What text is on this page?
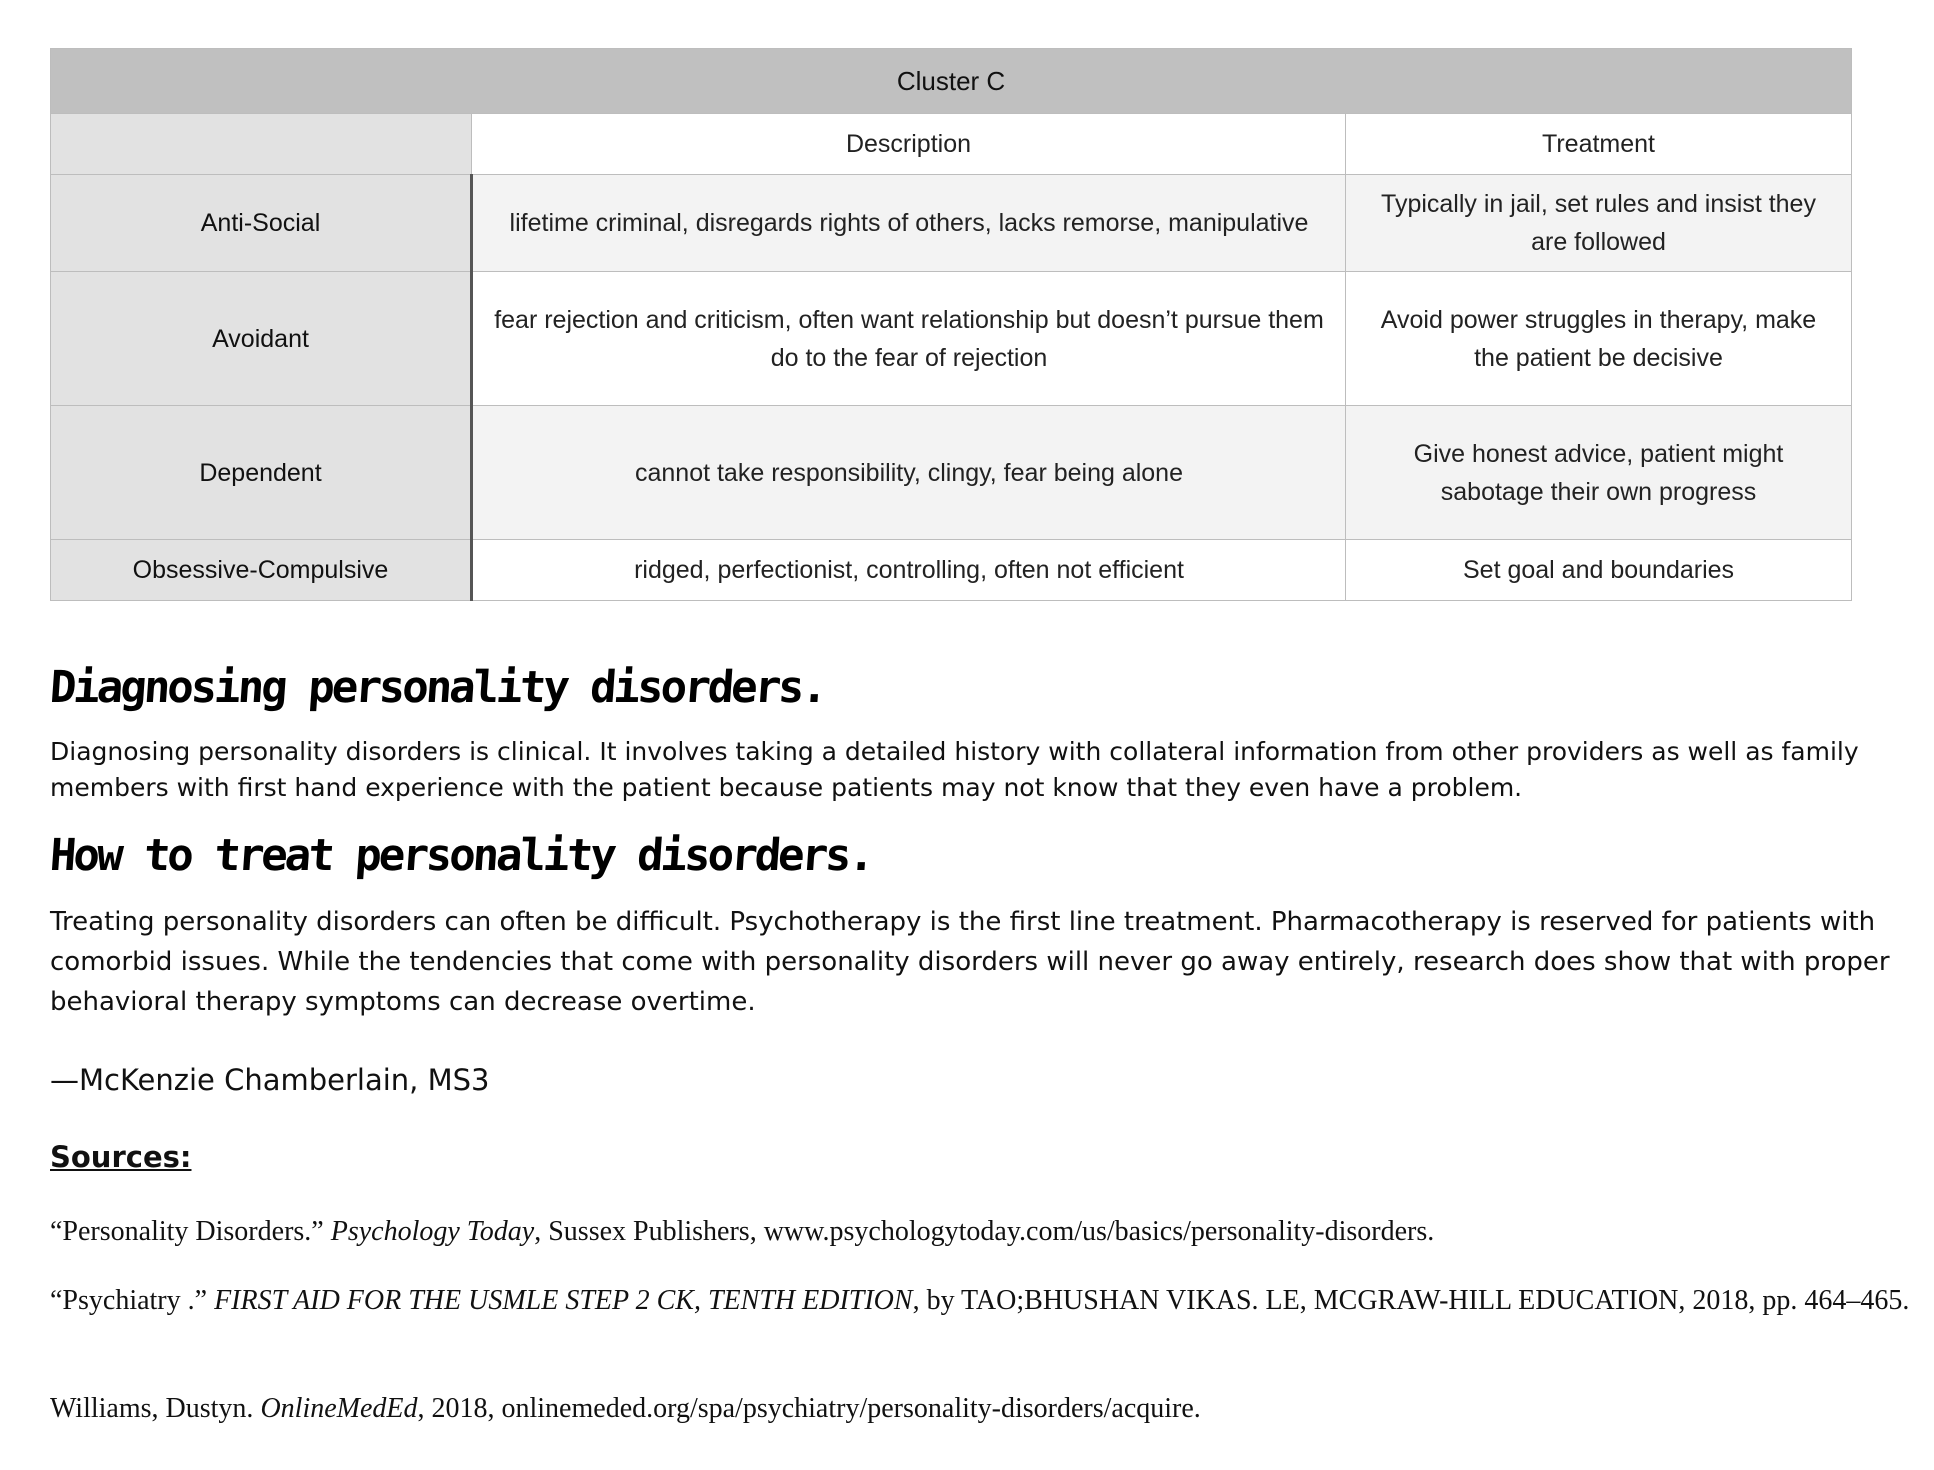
Cluster C		
	Description	Treatment
Anti-Social	lifetime criminal, disregards rights of others, lacks remorse, manipulative	Typically in jail, set rules and insist they are followed
Avoidant	fear rejection and criticism, often want relationship but doesn’t pursue them do to the fear of rejection	Avoid power struggles in therapy, make the patient be decisive
Dependent	cannot take responsibility, clingy, fear being alone	Give honest advice, patient might sabotage their own progress
Obsessive-Compulsive	ridged, perfectionist, controlling, often not efficient	Set goal and boundaries
Diagnosing personality disorders.

Diagnosing personality disorders is clinical. It involves taking a detailed history with collateral information from other providers as well as family members with first hand experience with the patient because patients may not know that they even have a problem.

How to treat personality disorders.

Treating personality disorders can often be difficult. Psychotherapy is the first line treatment. Pharmacotherapy is reserved for patients with comorbid issues. While the tendencies that come with personality disorders will never go away entirely, research does show that with proper behavioral therapy symptoms can decrease overtime.

—McKenzie Chamberlain, MS3

Sources:

“Personality Disorders.” Psychology Today, Sussex Publishers, www.psychologytoday.com/us/basics/personality-disorders.

“Psychiatry .” FIRST AID FOR THE USMLE STEP 2 CK, TENTH EDITION, by TAO;BHUSHAN VIKAS. LE, MCGRAW-HILL EDUCATION, 2018, pp. 464–465.

Williams, Dustyn. OnlineMedEd, 2018, onlinemeded.org/spa/psychiatry/personality-disorders/acquire.
